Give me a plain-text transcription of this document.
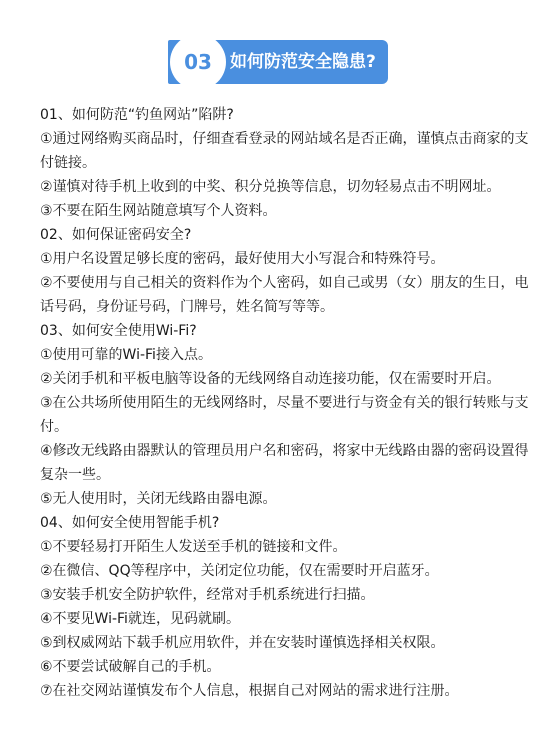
03	如何防范安全隐患?
01、如何防范“钓鱼网站”陷阱?
①通过网络购买商品时，仔细查看登录的网站域名是否正确，谨慎点击商家的支付链接。
②谨慎对待手机上收到的中奖、积分兑换等信息，切勿轻易点击不明网址。
③不要在陌生网站随意填写个人资料。
02、如何保证密码安全?
①用户名设置足够长度的密码，最好使用大小写混合和特殊符号。
②不要使用与自己相关的资料作为个人密码，如自己或男（女）朋友的生日，电话号码，身份证号码，门牌号，姓名简写等等。
03、如何安全使用Wi-Fi?
①使用可靠的Wi-Fi接入点。
②关闭手机和平板电脑等设备的无线网络自动连接功能，仅在需要时开启。
③在公共场所使用陌生的无线网络时，尽量不要进行与资金有关的银行转账与支付。
④修改无线路由器默认的管理员用户名和密码，将家中无线路由器的密码设置得复杂一些。
⑤无人使用时，关闭无线路由器电源。
04、如何安全使用智能手机?
①不要轻易打开陌生人发送至手机的链接和文件。
②在微信、QQ等程序中，关闭定位功能，仅在需要时开启蓝牙。
③安装手机安全防护软件，经常对手机系统进行扫描。
④不要见Wi-Fi就连，见码就刷。
⑤到权威网站下载手机应用软件，并在安装时谨慎选择相关权限。
⑥不要尝试破解自己的手机。
⑦在社交网站谨慎发布个人信息，根据自己对网站的需求进行注册。
